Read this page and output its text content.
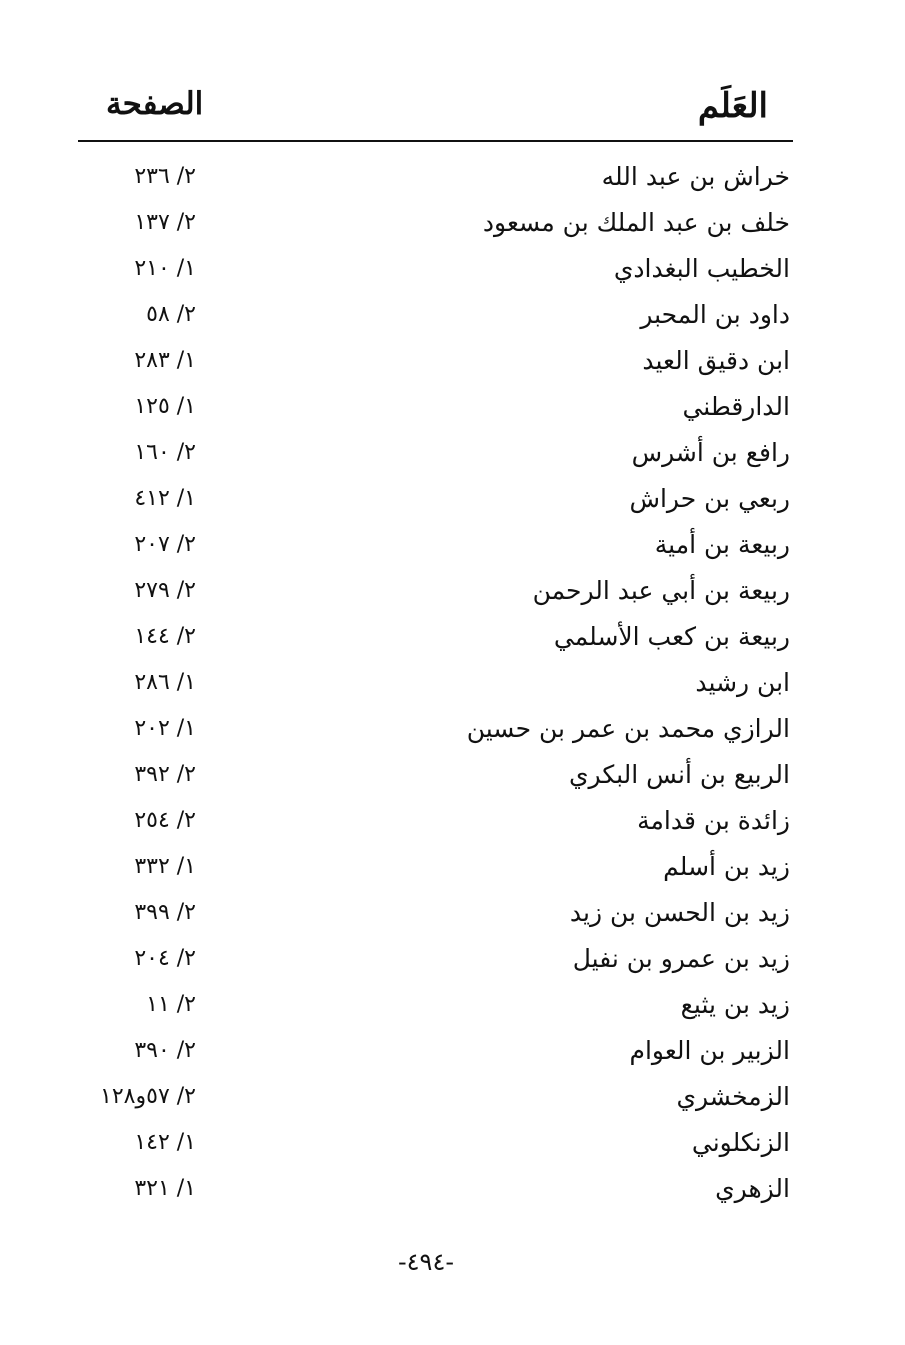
العَلَم
الصفحة
خراش بن عبد الله
٢/ ٢٣٦
خلف بن عبد الملك بن مسعود
٢/ ١٣٧
الخطيب البغدادي
١/ ٢١٠
داود بن المحبر
٢/ ٥٨
ابن دقيق العيد
١/ ٢٨٣
الدارقطني
١/ ١٢٥
رافع بن أشرس
٢/ ١٦٠
ربعي بن حراش
١/ ٤١٢
ربيعة بن أمية
٢/ ٢٠٧
ربيعة بن أبي عبد الرحمن
٢/ ٢٧٩
ربيعة بن كعب الأسلمي
٢/ ١٤٤
ابن رشيد
١/ ٢٨٦
الرازي محمد بن عمر بن حسين
١/ ٢٠٢
الربيع بن أنس البكري
٢/ ٣٩٢
زائدة بن قدامة
٢/ ٢٥٤
زيد بن أسلم
١/ ٣٣٢
زيد بن الحسن بن زيد
٢/ ٣٩٩
زيد بن عمرو بن نفيل
٢/ ٢٠٤
زيد بن يثيع
٢/ ١١
الزبير بن العوام
٢/ ٣٩٠
الزمخشري
٢/ ٥٧و١٢٨
الزنكلوني
١/ ١٤٢
الزهري
١/ ٣٢١
-٤٩٤-
